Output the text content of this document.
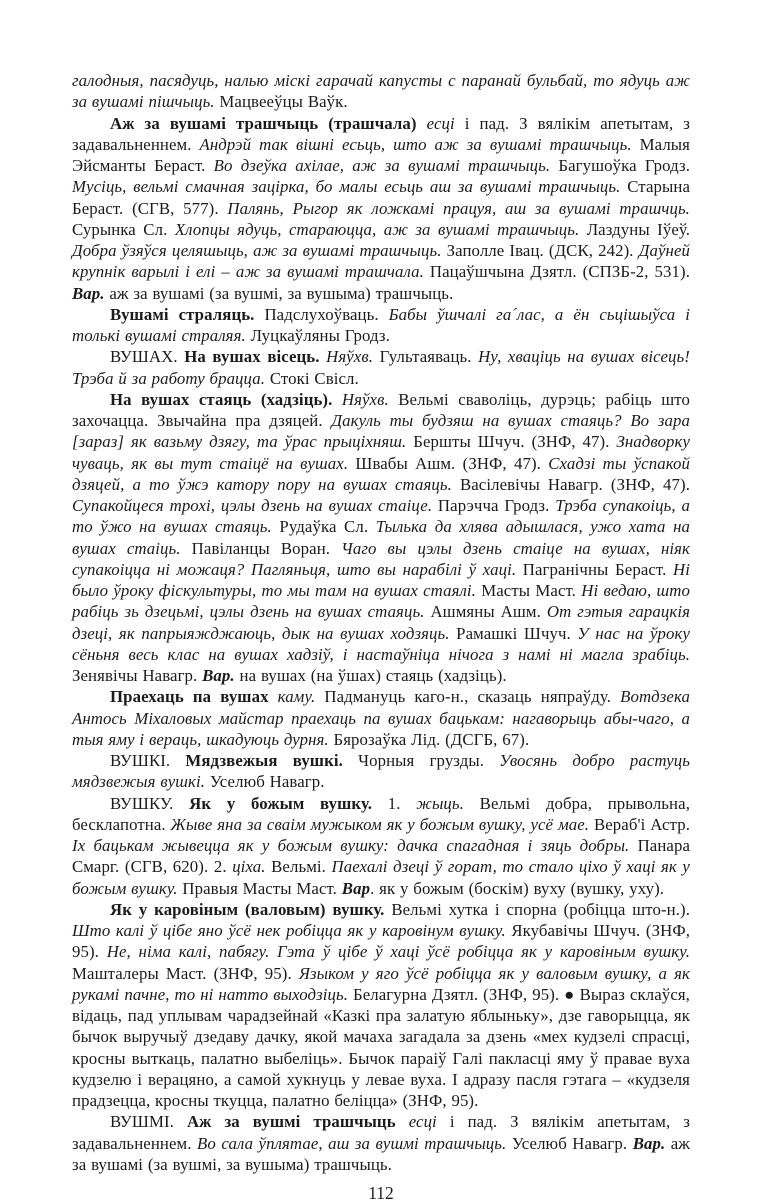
галодныя, пасядуць, налью міскі гарачай капусты с паранай бульбай, то ядуць аж за вушамі пішчыць. Мацвееўцы Ваўк.

Аж за вушамі трашчыць (трашчала) есці і пад. З вялікім апетытам, з задавальненнем. Андрэй так вішні есьць, што аж за вушамі трашчыць. Малыя Эйсманты Бераст. Во дзеўка ахілае, аж за вушамі трашчыць. Багушоўка Гродз. Мусіць, вельмі смачная зацірка, бо малы есьць аш за вушамі трашчыць. Старына Бераст. (СГВ, 577). Палянь, Рыгор як ложкамі працуя, аш за вушамі трашчць. Сурынка Сл. Хлопцы ядуць, стараюцца, аж за вушамі трашчыць. Лаздуны Іўеў. Добра ўзяўся целяшыць, аж за вушамі трашчыць. Заполле Івац. (ДСК, 242). Даўней крупнік варылі і елі – аж за вушамі трашчала. Пацаўшчына Дзятл. (СПЗБ-2, 531). Вар. аж за вушамі (за вушмі, за вушыма) трашчыць.

Вушамі страляць. Падслухоўваць. Бабы ўшчалі га´лас, а ён сьцішыўса і толькі вушамі страляя. Луцкаўляны Гродз.

ВУШАХ. На вушах вісець. Няўхв. Гультаяваць. Ну, хваціць на вушах вісець! Трэба й за работу брацца. Стокі Свісл.

На вушах стаяць (хадзіць). Няўхв. Вельмі сваволіць, дурэць; рабіць што захочацца. Звычайна пра дзяцей. Дакуль ты будзяш на вушах стаяць? Во зара [зараз] як вазьму дзягу, та ўрас прыціхняш. Бершты Шчуч. (ЗНФ, 47). Знадворку чуваць, як вы тут стаіцё на вушах. Швабы Ашм. (ЗНФ, 47). Схадзі ты ўспакой дзяцей, а то ўжэ катору пору на вушах стаяць. Васілевічы Навагр. (ЗНФ, 47). Супакойцеся трохі, цэлы дзень на вушах стаіце. Парэчча Гродз. Трэба супакоіць, а то ўжо на вушах стаяць. Рудаўка Сл. Тылька да хлява адышлася, ужо хата на вушах стаіць. Павіланцы Воран. Чаго вы цэлы дзень стаіце на вушах, ніяк супакоіцца ні можаця? Пагляньця, што вы нарабілі ў хаці. Пагранічны Бераст. Ні было ўроку фіскультуры, то мы там на вушах стаялі. Масты Маст. Ні ведаю, што рабіць зь дзецьмі, цэлы дзень на вушах стаяць. Ашмяны Ашм. От гэтыя гарацкія дзеці, як папрыяжджаюць, дык на вушах ходзяць. Рамашкі Шчуч. У нас на ўроку сёньня весь клас на вушах хадзіў, і настаўніца нічога з намі ні магла зрабіць. Зенявічы Навагр. Вар. на вушах (на ўшах) стаяць (хадзіць).

Праехаць па вушах каму. Падмануць каго-н., сказаць няпраўду. Вотдзека Антось Міхаловых майстар праехаць па вушах бацькам: нагаворыць абы-чаго, а тыя яму і вераць, шкадуюць дурня. Бярозаўка Лід. (ДСГБ, 67).

ВУШКІ. Мядзвежыя вушкі. Чорныя грузды. Увосянь добро растуць мядзвежыя вушкі. Уселюб Навагр.

ВУШКУ. Як у божым вушку. 1. жыць. Вельмі добра, прывольна, бесклапотна. Жыве яна за сваім мужыком як у божым вушку, усё мае. Вераб'і Астр. Іх бацькам жывецца як у божым вушку: дачка спагадная і зяць добры. Панара Смарг. (СГВ, 620). 2. ціха. Вельмі. Паехалі дзеці ў горат, то стало ціхо ў хаці як у божым вушку. Правыя Масты Маст. Вар. як у божым (боскім) вуху (вушку, уху).

Як у каровіным (валовым) вушку. Вельмі хутка і спорна (робіцца што-н.). Што калі ў цібе яно ўсё нек робіцца як у каровінум вушку. Якубавічы Шчуч. (ЗНФ, 95). Не, німа калі, пабягу. Гэта ў цібе ў хаці ўсё робіцца як у каровіным вушку. Машталеры Маст. (ЗНФ, 95). Языком у яго ўсё робіцца як у валовым вушку, а як рукамі пачне, то ні натто выходзіць. Белагурна Дзятл. (ЗНФ, 95). ● Выраз склаўся, відаць, пад уплывам чарадзейнай «Казкі пра залатую яблыньку», дзе гаворыцца, як бычок выручыў дзедаву дачку, якой мачаха загадала за дзень «мех кудзелі спрасці, кросны выткаць, палатно выбеліць». Бычок параіў Галі пакласці яму ў правае вуха кудзелю і верацяно, а самой хукнуць у левае вуха. І адразу пасля гэтага – «кудзеля прадзецца, кросны ткуцца, палатно беліцца» (ЗНФ, 95).

ВУШМІ. Аж за вушмі трашчыць есці і пад. З вялікім апетытам, з задавальненнем. Во сала ўплятае, аш за вушмі трашчыць. Уселюб Навагр. Вар. аж за вушамі (за вушмі, за вушыма) трашчыць.

112
